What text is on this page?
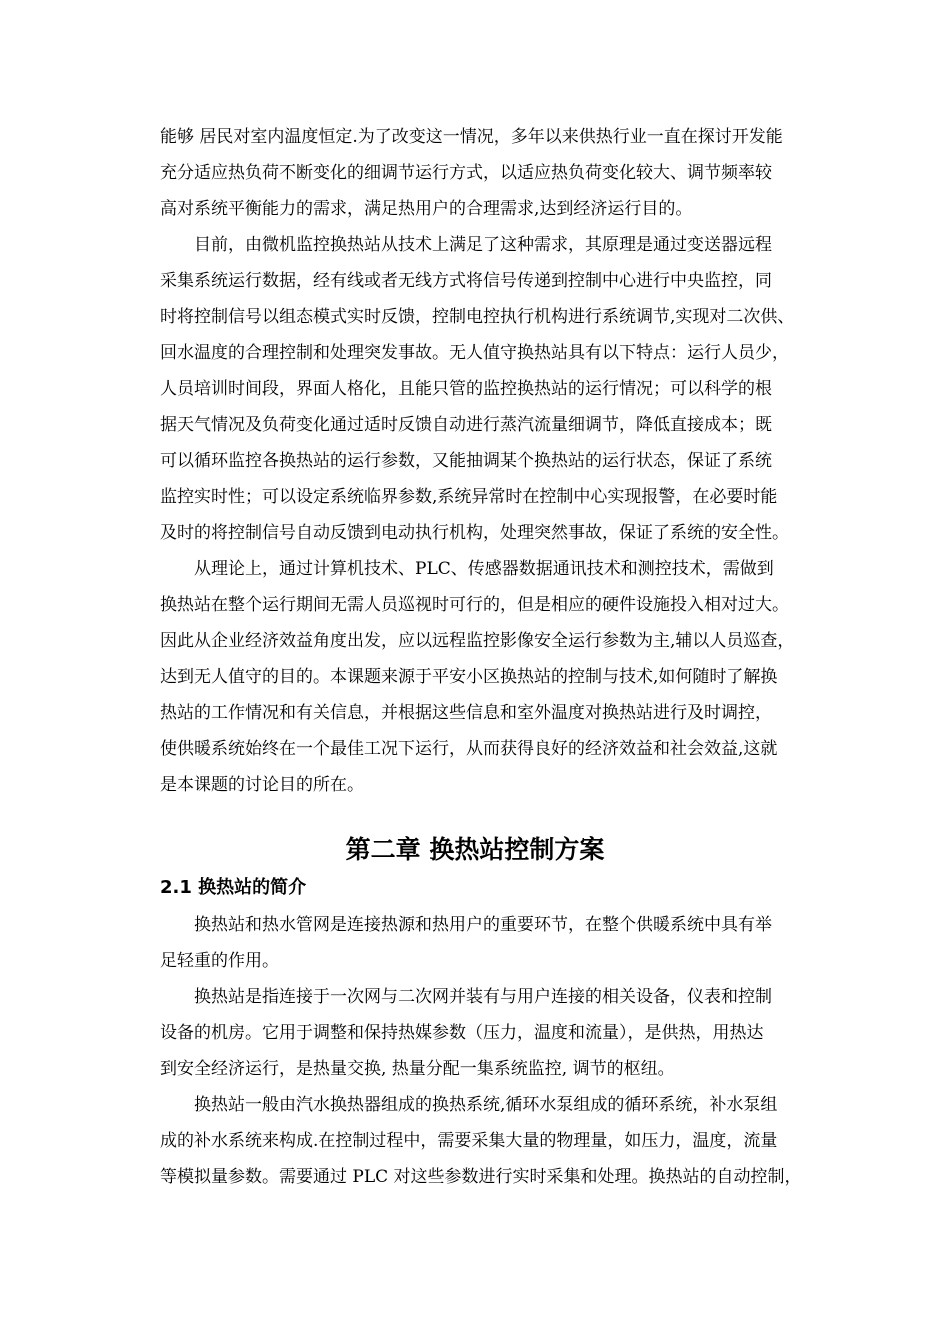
能够 居民对室内温度恒定.为了改变这一情况，多年以来供热行业一直在探讨开发能
充分适应热负荷不断变化的细调节运行方式，以适应热负荷变化较大、调节频率较
高对系统平衡能力的需求，满足热用户的合理需求,达到经济运行目的。
　　目前，由微机监控换热站从技术上满足了这种需求，其原理是通过变送器远程
采集系统运行数据，经有线或者无线方式将信号传递到控制中心进行中央监控，同
时将控制信号以组态模式实时反馈，控制电控执行机构进行系统调节,实现对二次供、
回水温度的合理控制和处理突发事故。无人值守换热站具有以下特点：运行人员少，
人员培训时间段，界面人格化，且能只管的监控换热站的运行情况；可以科学的根
据天气情况及负荷变化通过适时反馈自动进行蒸汽流量细调节，降低直接成本；既
可以循环监控各换热站的运行参数，又能抽调某个换热站的运行状态，保证了系统
监控实时性；可以设定系统临界参数,系统异常时在控制中心实现报警，在必要时能
及时的将控制信号自动反馈到电动执行机构，处理突然事故，保证了系统的安全性。
　　从理论上，通过计算机技术、PLC、传感器数据通讯技术和测控技术，需做到
换热站在整个运行期间无需人员巡视时可行的，但是相应的硬件设施投入相对过大。
因此从企业经济效益角度出发，应以远程监控影像安全运行参数为主,辅以人员巡查，
达到无人值守的目的。本课题来源于平安小区换热站的控制与技术,如何随时了解换
热站的工作情况和有关信息，并根据这些信息和室外温度对换热站进行及时调控，
使供暖系统始终在一个最佳工况下运行，从而获得良好的经济效益和社会效益,这就
是本课题的讨论目的所在。
第二章 换热站控制方案
2.1 换热站的简介
　　换热站和热水管网是连接热源和热用户的重要环节，在整个供暖系统中具有举
足轻重的作用。
　　换热站是指连接于一次网与二次网并装有与用户连接的相关设备，仪表和控制
设备的机房。它用于调整和保持热媒参数（压力，温度和流量），是供热，用热达
到安全经济运行，是热量交换, 热量分配一集系统监控, 调节的枢纽。
　　换热站一般由汽水换热器组成的换热系统,循环水泵组成的循环系统，补水泵组
成的补水系统来构成.在控制过程中，需要采集大量的物理量，如压力，温度，流量
等模拟量参数。需要通过 PLC 对这些参数进行实时采集和处理。换热站的自动控制，
